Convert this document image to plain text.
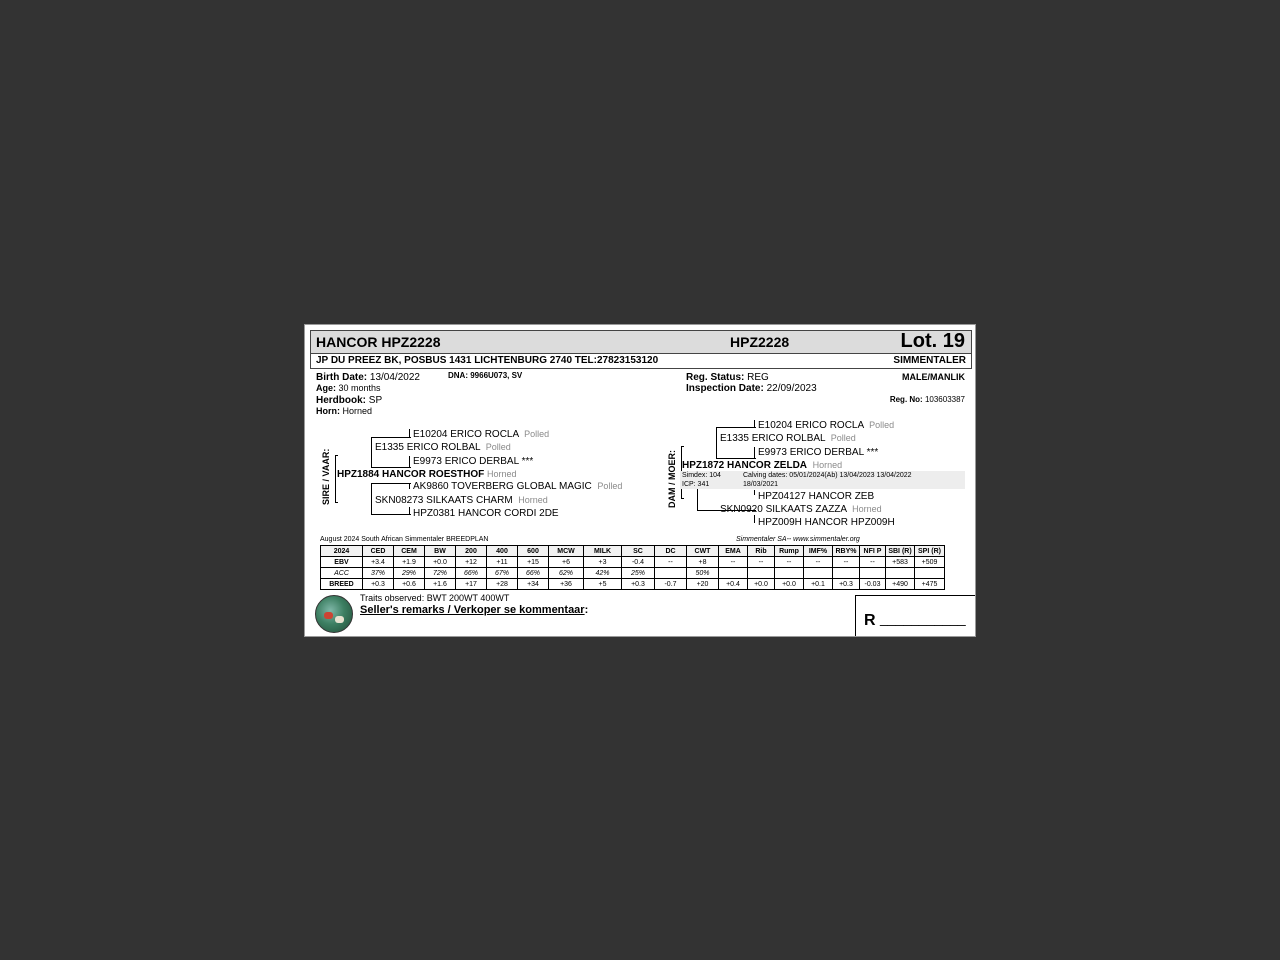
HANCOR HPZ2228	HPZ2228	Lot. 19
JP DU PREEZ BK, POSBUS 1431 LICHTENBURG 2740 TEL:27823153120	SIMMENTALER
Birth Date: 13/04/2022
Age: 30 months
Herdbook: SP
Horn: Horned
DNA: 9966U073, SV	Reg. Status: REG
Inspection Date: 22/09/2023
MALE/MANLIK
Reg. No: 103603387
SIRE / VAAR:
E10204 ERICO ROCLA Polled
E1335 ERICO ROLBAL Polled
E9973 ERICO DERBAL ***
HPZ1884 HANCOR ROESTHOF Horned
AK9860 TOVERBERG GLOBAL MAGIC Polled
SKN08273 SILKAATS CHARM Horned
HPZ0381 HANCOR CORDI 2DE
DAM / MOER:
E10204 ERICO ROCLA Polled
E1335 ERICO ROLBAL Polled
E9973 ERICO DERBAL ***
HPZ1872 HANCOR ZELDA Horned
Simdex: 104	Calving dates: 05/01/2024(Ab) 13/04/2023 13/04/2022
ICP: 341	18/03/2021
HPZ04127 HANCOR ZEB
SKN0920 SILKAATS ZAZZA Horned
HPZ009H HANCOR HPZ009H
August 2024 South African Simmentaler BREEDPLAN	Simmentaler SA-- www.simmentaler.org
2024	CED	CEM	BW	200	400	600	MCW	MILK	SC	DC	CWT	EMA	Rib	Rump	IMF%	RBY%	NFI P	SBI (R)	SPI (R)
EBV	+3.4	+1.9	+0.0	+12	+11	+15	+6	+3	-0.4	--	+8	--	--	--	--	--	--	+583	+509
ACC	37%	29%	72%	66%	67%	66%	62%	42%	25%		50%								
BREED	+0.3	+0.6	+1.6	+17	+28	+34	+36	+5	+0.3	-0.7	+20	+0.4	+0.0	+0.0	+0.1	+0.3	-0.03	+490	+475
Traits observed: BWT 200WT 400WT
Seller's remarks / Verkoper se kommentaar:
R ___________
